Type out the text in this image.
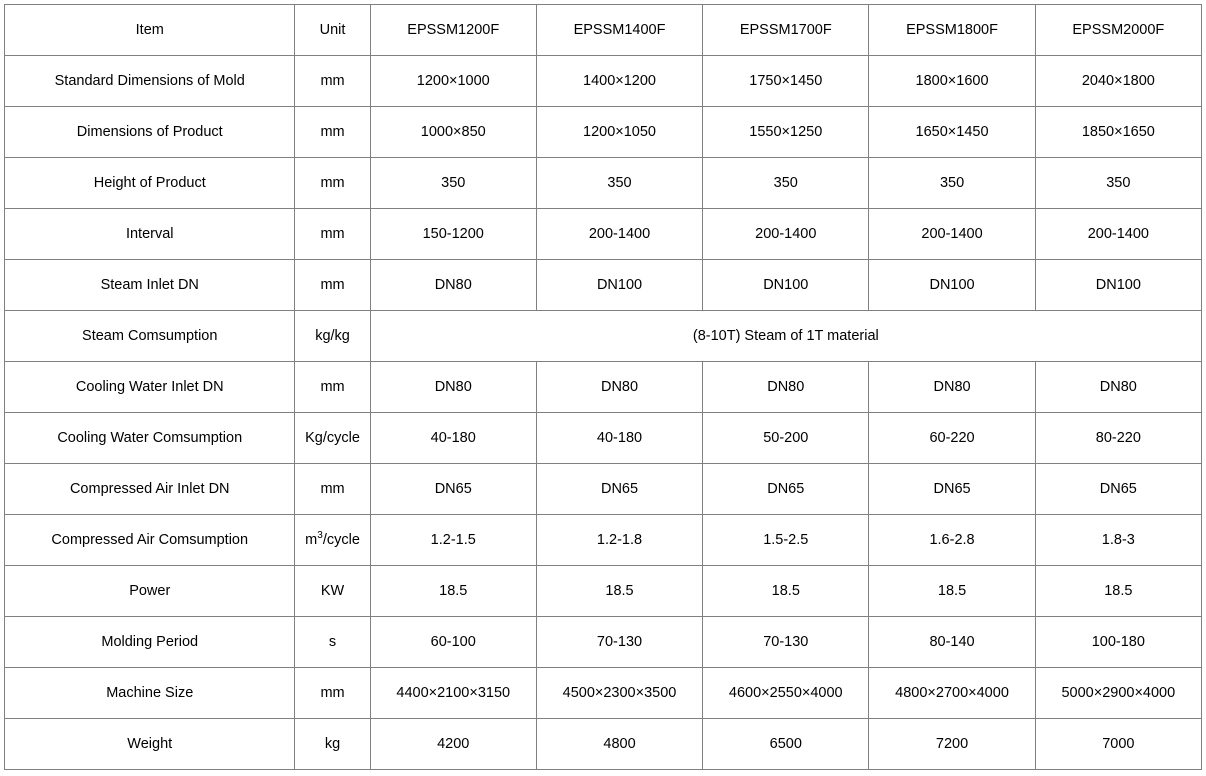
Item	Unit	EPSSM1200F	EPSSM1400F	EPSSM1700F	EPSSM1800F	EPSSM2000F
Standard Dimensions of Mold	mm	1200×1000	1400×1200	1750×1450	1800×1600	2040×1800
Dimensions of Product	mm	1000×850	1200×1050	1550×1250	1650×1450	1850×1650
Height of Product	mm	350	350	350	350	350
Interval	mm	150-1200	200-1400	200-1400	200-1400	200-1400
Steam Inlet DN	mm	DN80	DN100	DN100	DN100	DN100
Steam Comsumption	kg/kg	(8-10T) Steam of 1T material				
Cooling Water Inlet DN	mm	DN80	DN80	DN80	DN80	DN80
Cooling Water Comsumption	Kg/cycle	40-180	40-180	50-200	60-220	80-220
Compressed Air Inlet DN	mm	DN65	DN65	DN65	DN65	DN65
Compressed Air Comsumption	$m^3$/cycle	1.2-1.5	1.2-1.8	1.5-2.5	1.6-2.8	1.8-3
Power	KW	18.5	18.5	18.5	18.5	18.5
Molding Period	s	60-100	70-130	70-130	80-140	100-180
Machine Size	mm	4400×2100×3150	4500×2300×3500	4600×2550×4000	4800×2700×4000	5000×2900×4000
Weight	kg	4200	4800	6500	7200	7000
